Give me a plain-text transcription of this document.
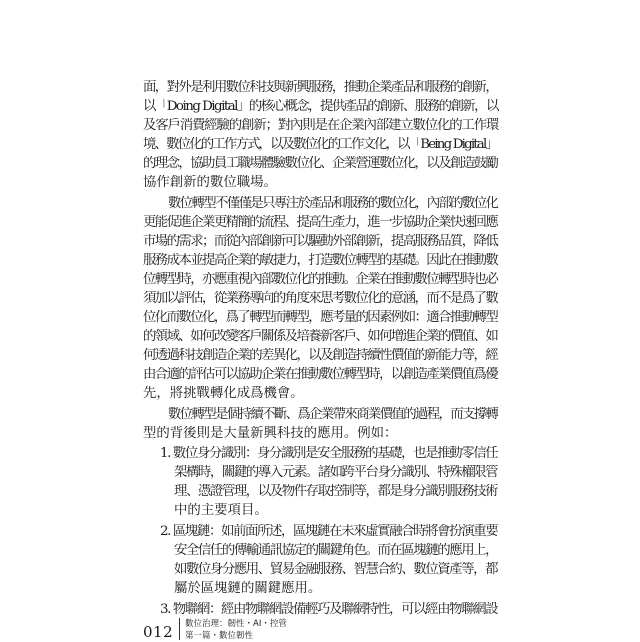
面，對外是利用數位科技與新興服務，推動企業產品和服務的創新，
以「Doing Digital」的核心概念，提供產品的創新、服務的創新，以
及客戶消費經驗的創新；對內則是在企業內部建立數位化的工作環
境、數位化的工作方式，以及數位化的工作文化，以「Being Digital」
的理念，協助員工職場體驗數位化、企業營運數位化，以及創造鼓勵
協作創新的數位職場。
數位轉型不僅僅是只專注於產品和服務的數位化，內部的數位化
更能促進企業更精簡的流程、提高生產力，進一步協助企業快速回應
市場的需求；而從內部創新可以驅動外部創新，提高服務品質，降低
服務成本並提高企業的敏捷力，打造數位轉型的基礎。因此在推動數
位轉型時，亦應重視內部數位化的推動。企業在推動數位轉型時也必
須加以評估，從業務導向的角度來思考數位化的意涵，而不是爲了數
位化而數位化，爲了轉型而轉型，應考量的因素例如：適合推動轉型
的領域、如何改變客戶關係及培養新客戶、如何增進企業的價值、如
何透過科技創造企業的差異化，以及創造持續性價值的新能力等，經
由合適的評估可以協助企業在推動數位轉型時，以創造產業價值爲優
先，將挑戰轉化成爲機會。
數位轉型是個持續不斷、爲企業帶來商業價值的過程，而支撐轉
型的背後則是大量新興科技的應用。例如：
1. 數位身分識別：身分識別是安全服務的基礎，也是推動零信任
架構時，關鍵的導入元素。諸如跨平台身分識別、特殊權限管
理、憑證管理，以及物件存取控制等，都是身分識別服務技術
中的主要項目。
2. 區塊鏈：如前面所述，區塊鏈在未來虛實融合時將會扮演重要
安全信任的傳輸通訊協定的關鍵角色。而在區塊鏈的應用上，
如數位身分應用、貿易金融服務、智慧合約、數位資產等，都
屬於區塊鏈的關鍵應用。
3. 物聯網：經由物聯網設備輕巧及聯網特性，可以經由物聯網設
012 數位治理：韌性・AI・控管
第一篇・數位韌性
